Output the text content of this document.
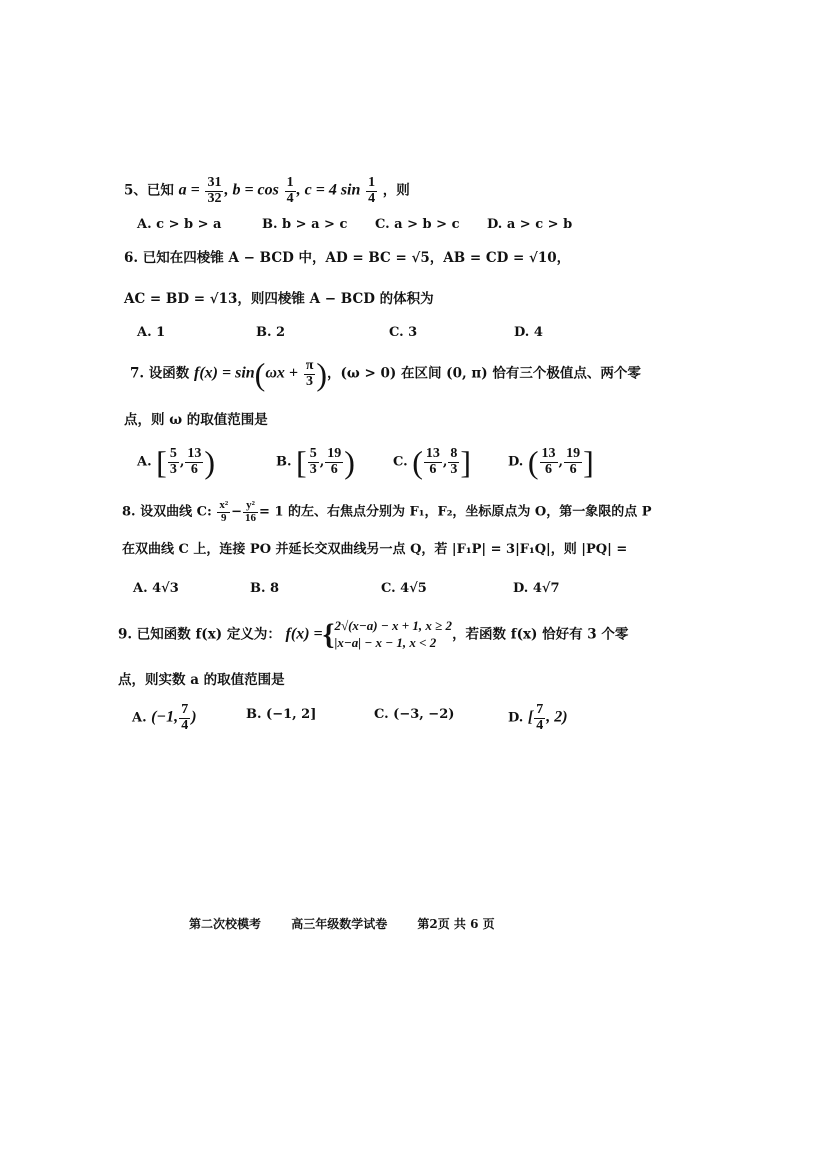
5、已知 $a = \frac{31}{32}$ , $b = \cos \frac{1}{4}$ , c = 4 $\sin \frac{1}{4}$ ，则
A. c > b > a	B. b > a > c C. a > b > c D. a > c > b
6. 已知在四棱锥 A − BCD 中，AD = BC = √5，AB = CD = √10，
AC = BD = √13，则四棱锥 A − BCD 的体积为
A. 1	B. 2	C. 3	D. 4
7. 设函数 $f(x) = \sin(\omega x + \frac{\pi}{3}$ )，(ω > 0) 在区间 (0, π) 恰有三个极值点、两个零
点，则 ω 的取值范围是
A. [ $\frac{5}{3}$ , $\frac{13}{6}$ )	B. [ $\frac{5}{3}$ , $\frac{19}{6}$ )	C. ( $\frac{13}{6}$ , $\frac{8}{3}$ ]	D. ( $\frac{13}{6}$ , $\frac{19}{6}$ ]
8. 设双曲线 C: $\frac{\text{x²}}{9} - \frac{\text{y²}}{16} = 1$ 的左、右焦点分别为 F₁，F₂，坐标原点为 O，第一象限的点 P
在双曲线 C 上，连接 PO 并延长交双曲线另一点 Q，若 |F₁P| = 3|F₁Q|，则 |PQ| =
A. 4√3	B. 8	C. 4√5	D. 4√7
9. 已知函数 f(x) 定义为： f(x) ={ 2√(x−a) − x + 1, x ≥ 2
|x−a| − x − 1, x < 2	，若函数 f(x) 恰好有 3 个零
点，则实数 a 的取值范围是
A. (−1, $\frac{7}{4}$ )	B. (−1, 2]	C. (−3, −2)	D. [ $\frac{7}{4}$ , 2)
第二次校模考	高三年级数学试卷	第2页 共 6 页
